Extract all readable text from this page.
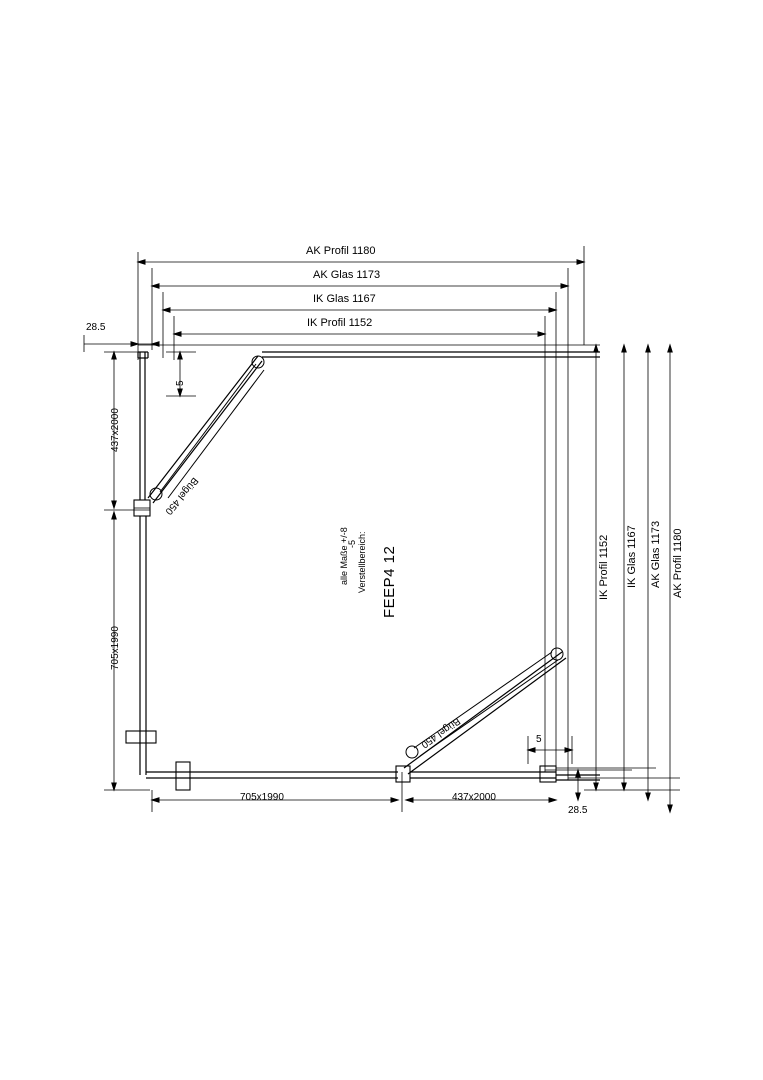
AK Profil 1180
AK Glas 1173
IK Glas 1167
IK Profil 1152
28.5
5
28.5
5
437x2000
705x1990
IK Profil 1152 IK Glas 1167 AK Glas 1173 AK Profil 1180
705x1990	437x2000
Bügel 450
Bügel 450
FEEP4 12
Verstellbereich:
-5
alle Maße +/-8
